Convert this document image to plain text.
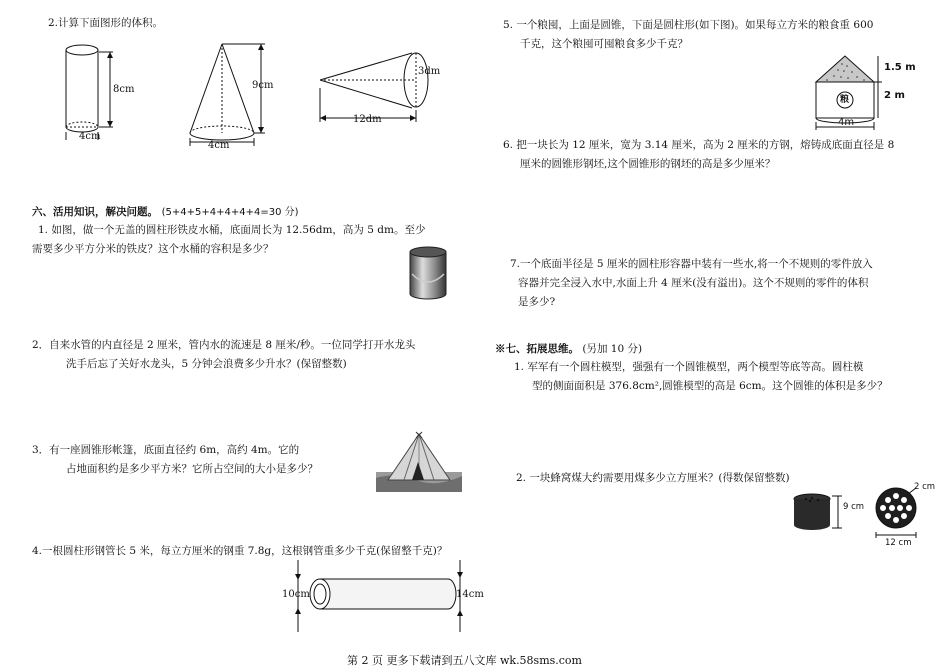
2.计算下面图形的体积。
8cm
4cm
9cm
4cm
3dm
12dm
六、活用知识，解决问题。 (5+4+5+4+4+4+4=30 分)
1. 如图，做一个无盖的圆柱形铁皮水桶，底面周长为 12.56dm，高为 5 dm。至少
需要多少平方分米的铁皮？这个水桶的容积是多少？
2．自来水管的内直径是 2 厘米，管内水的流速是 8 厘米/秒。一位同学打开水龙头
洗手后忘了关好水龙头，5 分钟会浪费多少升水？(保留整数)
3．有一座圆锥形帐篷，底面直径约 6m，高约 4m。它的
占地面积约是多少平方米？它所占空间的大小是多少？
4.一根圆柱形钢管长 5 米，每立方厘米的钢重 7.8g，这根钢管重多少千克(保留整千克)？
10cm	14cm
5. 一个粮囤，上面是圆锥，下面是圆柱形(如下图)。如果每立方米的粮食重 600
千克，这个粮囤可囤粮食多少千克？
1.5 m
2 m
4m
粮
6. 把一块长为 12 厘米，宽为 3.14 厘米，高为 2 厘米的方钢，熔铸成底面直径是 8
厘米的圆锥形钢坯,这个圆锥形的钢坯的高是多少厘米？
7.一个底面半径是 5 厘米的圆柱形容器中装有一些水,将一个不规则的零件放入
容器并完全浸入水中,水面上升 4 厘米(没有溢出)。这个不规则的零件的体积
是多少?
※七、拓展思维。 (另加 10 分)
1. 军军有一个圆柱模型，强强有一个圆锥模型，两个模型等底等高。圆柱模
型的侧面面积是 376.8cm²,圆锥模型的高是 6cm。这个圆锥的体积是多少？
2. 一块蜂窝煤大约需要用煤多少立方厘米？(得数保留整数)
9 cm
2 cm
12 cm
第 2 页 更多下载请到五八文库 wk.58sms.com
